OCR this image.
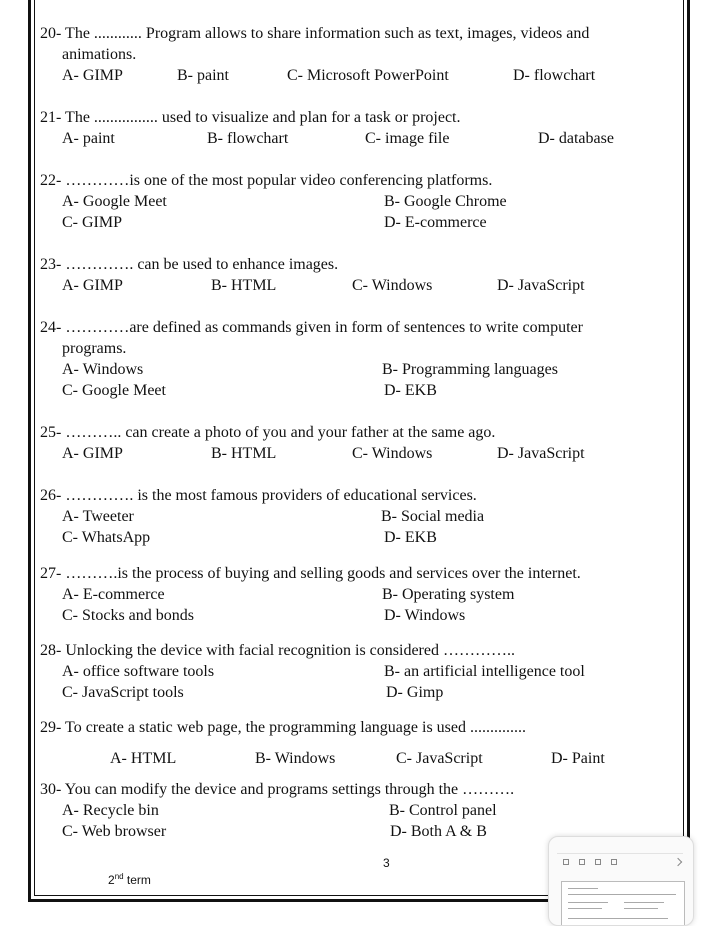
20- The ............ Program allows to share information such as text, images, videos and
animations.
A- GIMP	B- paint	C- Microsoft PowerPoint	D- flowchart
21- The ................ used to visualize and plan for a task or project.
A- paint	B- flowchart	C- image file	D- database
22- …………is one of the most popular video conferencing platforms.
A- Google Meet	B- Google Chrome
C- GIMP	D- E-commerce
23- …………. can be used to enhance images.
A- GIMP	B- HTML	C- Windows	D- JavaScript
24- …………are defined as commands given in form of sentences to write computer
programs.
A- Windows	B- Programming languages
C- Google Meet	D- EKB
25- ……….. can create a photo of you and your father at the same ago.
A- GIMP	B- HTML	C- Windows	D- JavaScript
26- …………. is the most famous providers of educational services.
A- Tweeter	B- Social media
C- WhatsApp	D- EKB
27- ……….is the process of buying and selling goods and services over the internet.
A- E-commerce	B- Operating system
C- Stocks and bonds	D- Windows
28- Unlocking the device with facial recognition is considered …………..
A- office software tools	B- an artificial intelligence tool
C- JavaScript tools	D- Gimp
29- To create a static web page, the programming language is used ..............
A- HTML	B- Windows	C- JavaScript	D- Paint
30- You can modify the device and programs settings through the ……….
A- Recycle bin	B- Control panel
C- Web browser	D- Both A & B
3
2nd term
